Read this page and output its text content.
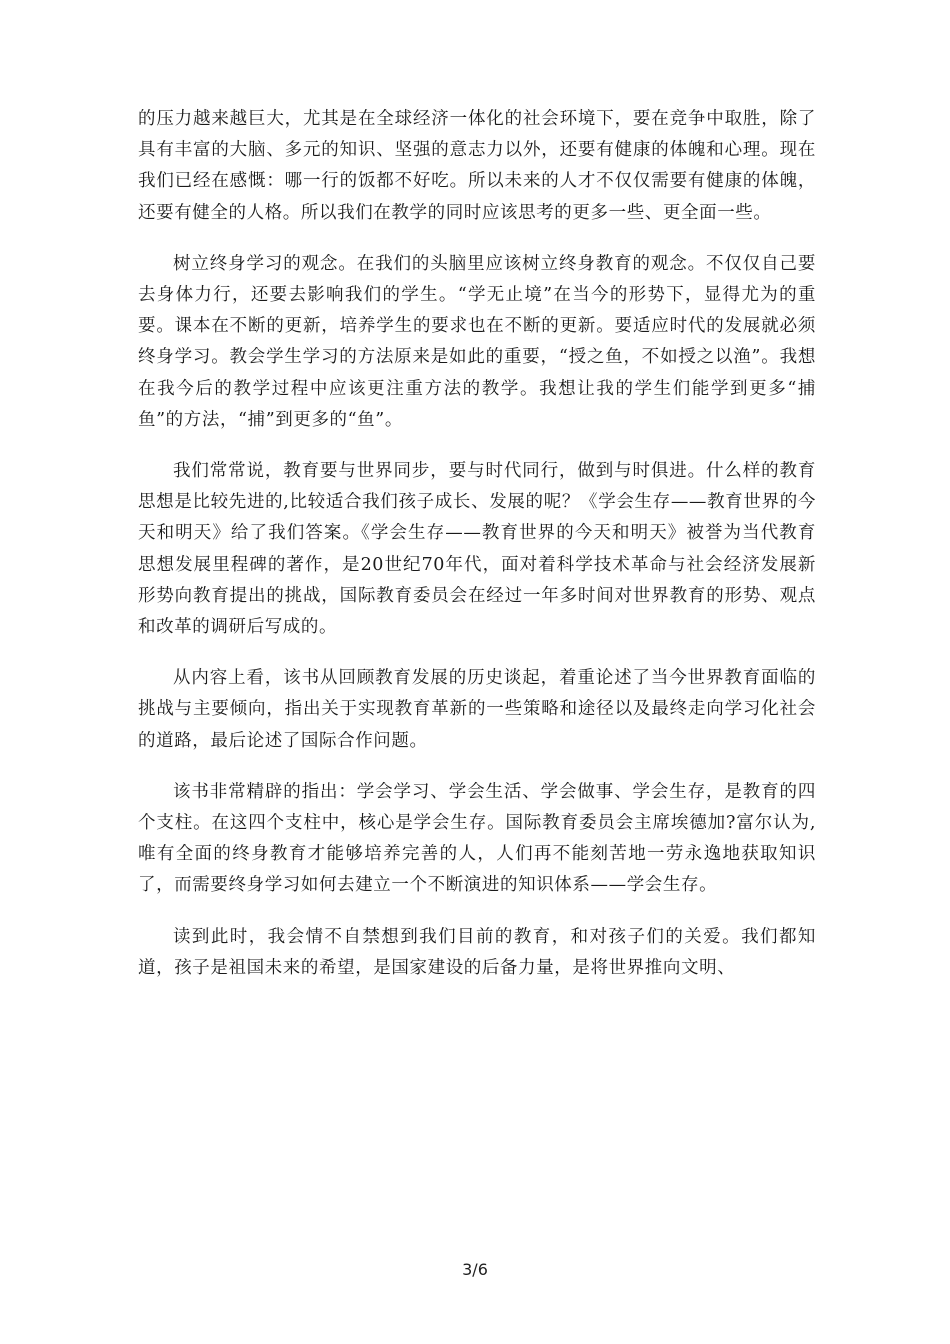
的压力越来越巨大，尤其是在全球经济一体化的社会环境下，要在竞争中取胜，除了具有丰富的大脑、多元的知识、坚强的意志力以外，还要有健康的体魄和心理。现在我们已经在感慨：哪一行的饭都不好吃。所以未来的人才不仅仅需要有健康的体魄，还要有健全的人格。所以我们在教学的同时应该思考的更多一些、更全面一些。

树立终身学习的观念。在我们的头脑里应该树立终身教育的观念。不仅仅自己要去身体力行，还要去影响我们的学生。“学无止境”在当今的形势下，显得尤为的重要。课本在不断的更新，培养学生的要求也在不断的更新。要适应时代的发展就必须终身学习。教会学生学习的方法原来是如此的重要，“授之鱼，不如授之以渔”。我想在我今后的教学过程中应该更注重方法的教学。我想让我的学生们能学到更多“捕鱼”的方法，“捕”到更多的“鱼”。

我们常常说，教育要与世界同步，要与时代同行，做到与时俱进。什么样的教育思想是比较先进的,比较适合我们孩子成长、发展的呢？《学会生存——教育世界的今天和明天》给了我们答案。《学会生存——教育世界的今天和明天》被誉为当代教育思想发展里程碑的著作，是20世纪70年代，面对着科学技术革命与社会经济发展新形势向教育提出的挑战，国际教育委员会在经过一年多时间对世界教育的形势、观点和改革的调研后写成的。

从内容上看，该书从回顾教育发展的历史谈起，着重论述了当今世界教育面临的挑战与主要倾向，指出关于实现教育革新的一些策略和途径以及最终走向学习化社会的道路，最后论述了国际合作问题。

该书非常精辟的指出：学会学习、学会生活、学会做事、学会生存，是教育的四个支柱。在这四个支柱中，核心是学会生存。国际教育委员会主席埃德加?富尔认为,唯有全面的终身教育才能够培养完善的人，人们再不能刻苦地一劳永逸地获取知识了，而需要终身学习如何去建立一个不断演进的知识体系——学会生存。

读到此时，我会情不自禁想到我们目前的教育，和对孩子们的关爱。我们都知道，孩子是祖国未来的希望，是国家建设的后备力量，是将世界推向文明、

3/6
